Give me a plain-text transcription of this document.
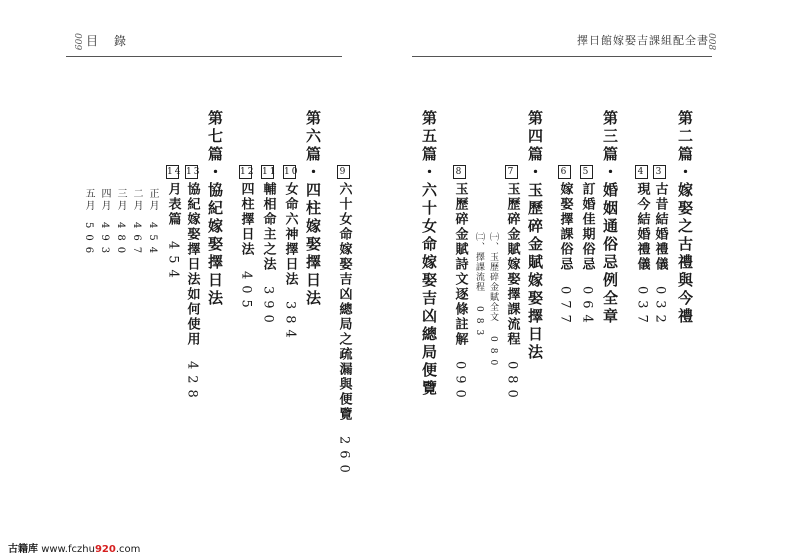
009 目　錄	擇日館嫁娶吉課組配全書
008
第二篇・嫁娶之古禮與今禮
3古昔結婚禮儀032
4現今結婚禮儀037
第三篇・婚姻通俗忌例全章
5訂婚佳期俗忌064
6嫁娶擇課俗忌077
第四篇・玉歷碎金賦嫁娶擇日法
7玉歷碎金賦嫁娶擇課流程080
㈠、玉歷碎金賦全文080
㈡、擇課流程083
8玉歷碎金賦詩文逐條註解090
第五篇・六十女命嫁娶吉凶總局便覽
9六十女命嫁娶吉凶總局之疏漏與便覽260
第六篇・四柱嫁娶擇日法
10女命六神擇日法384
11輔相命主之法390
12四柱擇日法405
第七篇・協紀嫁娶擇日法
13協紀嫁娶擇日法如何使用428
14月表篇454
正月454
二月467
三月480
四月493
五月506
古籍库 www.fczhu920.com
